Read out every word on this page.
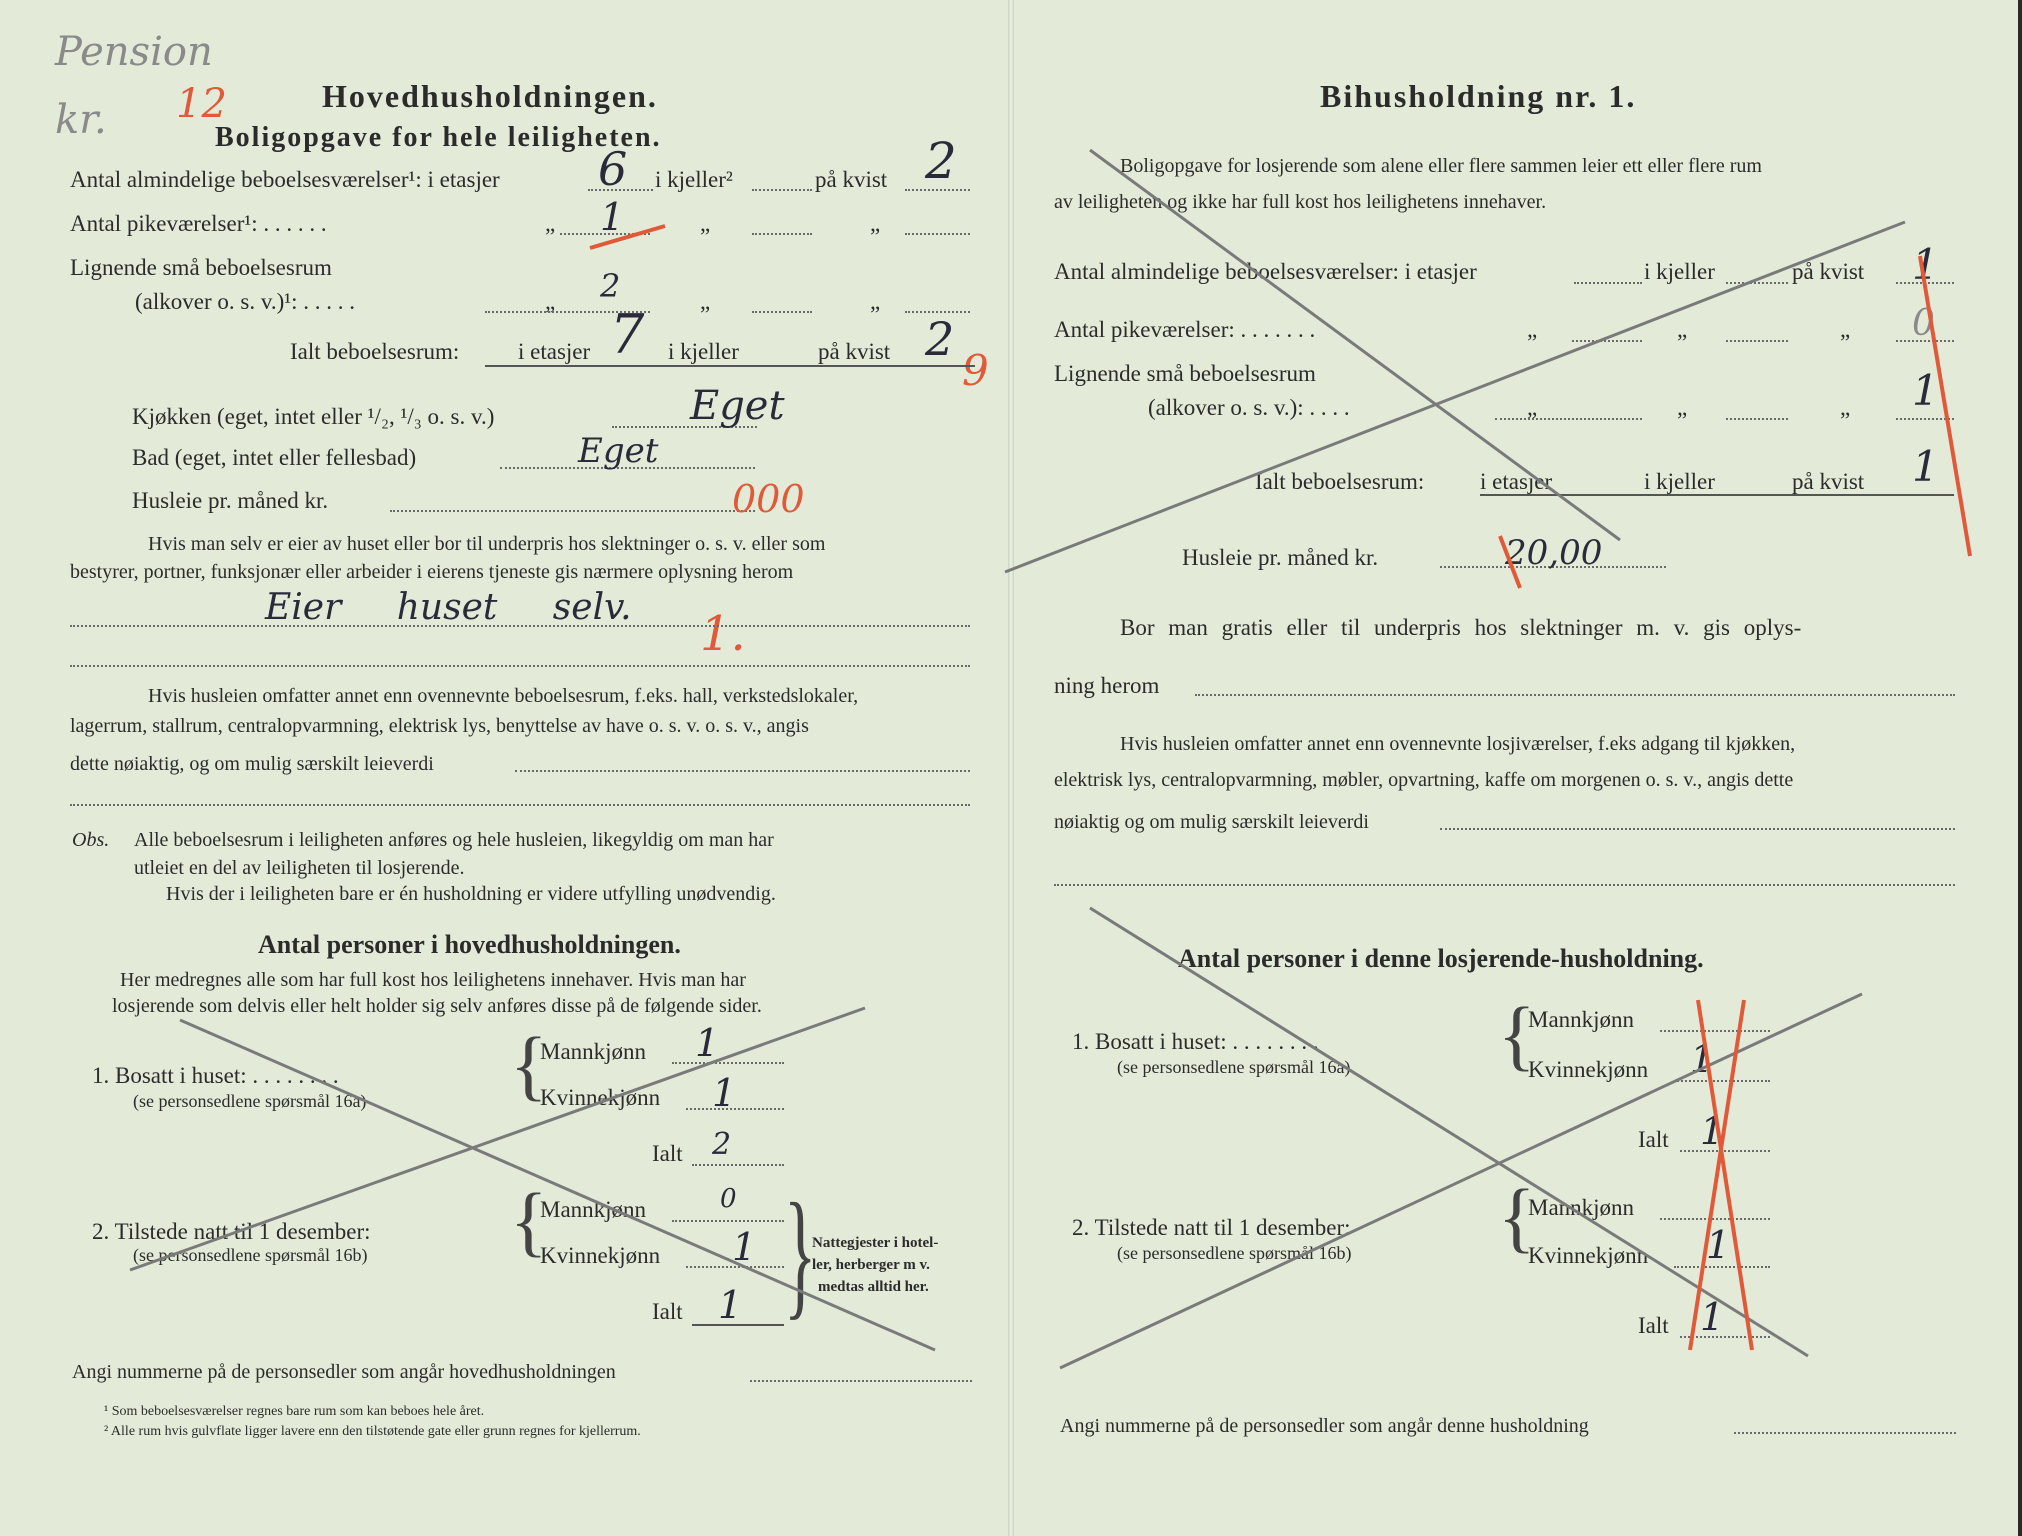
Pension
kr. 12	Hovedhusholdningen.
Boligopgave for hele leiligheten.
Antal almindelige beboelsesværelser¹: i etasjer 6 i kjeller²	på kvist 2
Antal pikeværelser¹: . . . . . .	„ 1	„	„
Lignende små beboelsesrum
(alkover o. s. v.)¹: . . . . .	„ 2	„	„
Ialt beboelsesrum:	i etasjer 7 i kjeller	på kvist 2
9
Kjøkken (eget, intet eller ¹/₂, ¹/₃ o. s. v.)	Eget
Bad (eget, intet eller fellesbad)	Eget
Husleie pr. måned kr.	000
Hvis man selv er eier av huset eller bor til underpris hos slektninger o. s. v. eller som
bestyrer, portner, funksjonær eller arbeider i eierens tjeneste gis nærmere oplysning herom
Eier huset selv. 1.
Hvis husleien omfatter annet enn ovennevnte beboelsesrum, f.eks. hall, verkstedslokaler,
lagerrum, stallrum, centralopvarmning, elektrisk lys, benyttelse av have o. s. v. o. s. v., angis
dette nøiaktig, og om mulig særskilt leieverdi
Obs. Alle beboelsesrum i leiligheten anføres og hele husleien, likegyldig om man har
utleiet en del av leiligheten til losjerende.
Hvis der i leiligheten bare er én husholdning er videre utfylling unødvendig.
Antal personer i hovedhusholdningen.
Her medregnes alle som har full kost hos leilighetens innehaver. Hvis man har
losjerende som delvis eller helt holder sig selv anføres disse på de følgende sider.
1. Bosatt i huset: . . . . . . . .
(se personsedlene spørsmål 16a) {
Mannkjønn 1
Kvinnekjønn 1
Ialt 2
2. Tilstede natt til 1 desember:
(se personsedlene spørsmål 16b) {
Mannkjønn	0
Kvinnekjønn 1
Ialt 1 }
Nattegjester i hotel-
ler, herberger m v.
medtas alltid her.
Angi nummerne på de personsedler som angår hovedhusholdningen
¹ Som beboelsesværelser regnes bare rum som kan beboes hele året.
² Alle rum hvis gulvflate ligger lavere enn den tilstøtende gate eller grunn regnes for kjellerrum.
Bihusholdning nr. 1.
Boligopgave for losjerende som alene eller flere sammen leier ett eller flere rum
av leiligheten og ikke har full kost hos leilighetens innehaver.
Antal almindelige beboelsesværelser: i etasjer	i kjeller	på kvist 1
Antal pikeværelser: . . . . . . .	„	„	„ 0
Lignende små beboelsesrum
(alkover o. s. v.): . . . .	„	„	„ 1
Ialt beboelsesrum: i etasjer	i kjeller	på kvist 1
Husleie pr. måned kr.	20,00
Bor man gratis eller til underpris hos slektninger m. v. gis oplys-
ning herom
Hvis husleien omfatter annet enn ovennevnte losjiværelser, f.eks adgang til kjøkken,
elektrisk lys, centralopvarmning, møbler, opvartning, kaffe om morgenen o. s. v., angis dette
nøiaktig og om mulig særskilt leieverdi
Antal personer i denne losjerende-husholdning.
1. Bosatt i huset: . . . . . . . .
(se personsedlene spørsmål 16a) {
Mannkjønn
Kvinnekjønn 1
Ialt 1
2. Tilstede natt til 1 desember:
(se personsedlene spørsmål 16b) {
Mannkjønn
Kvinnekjønn 1
Ialt 1
Angi nummerne på de personsedler som angår denne husholdning
